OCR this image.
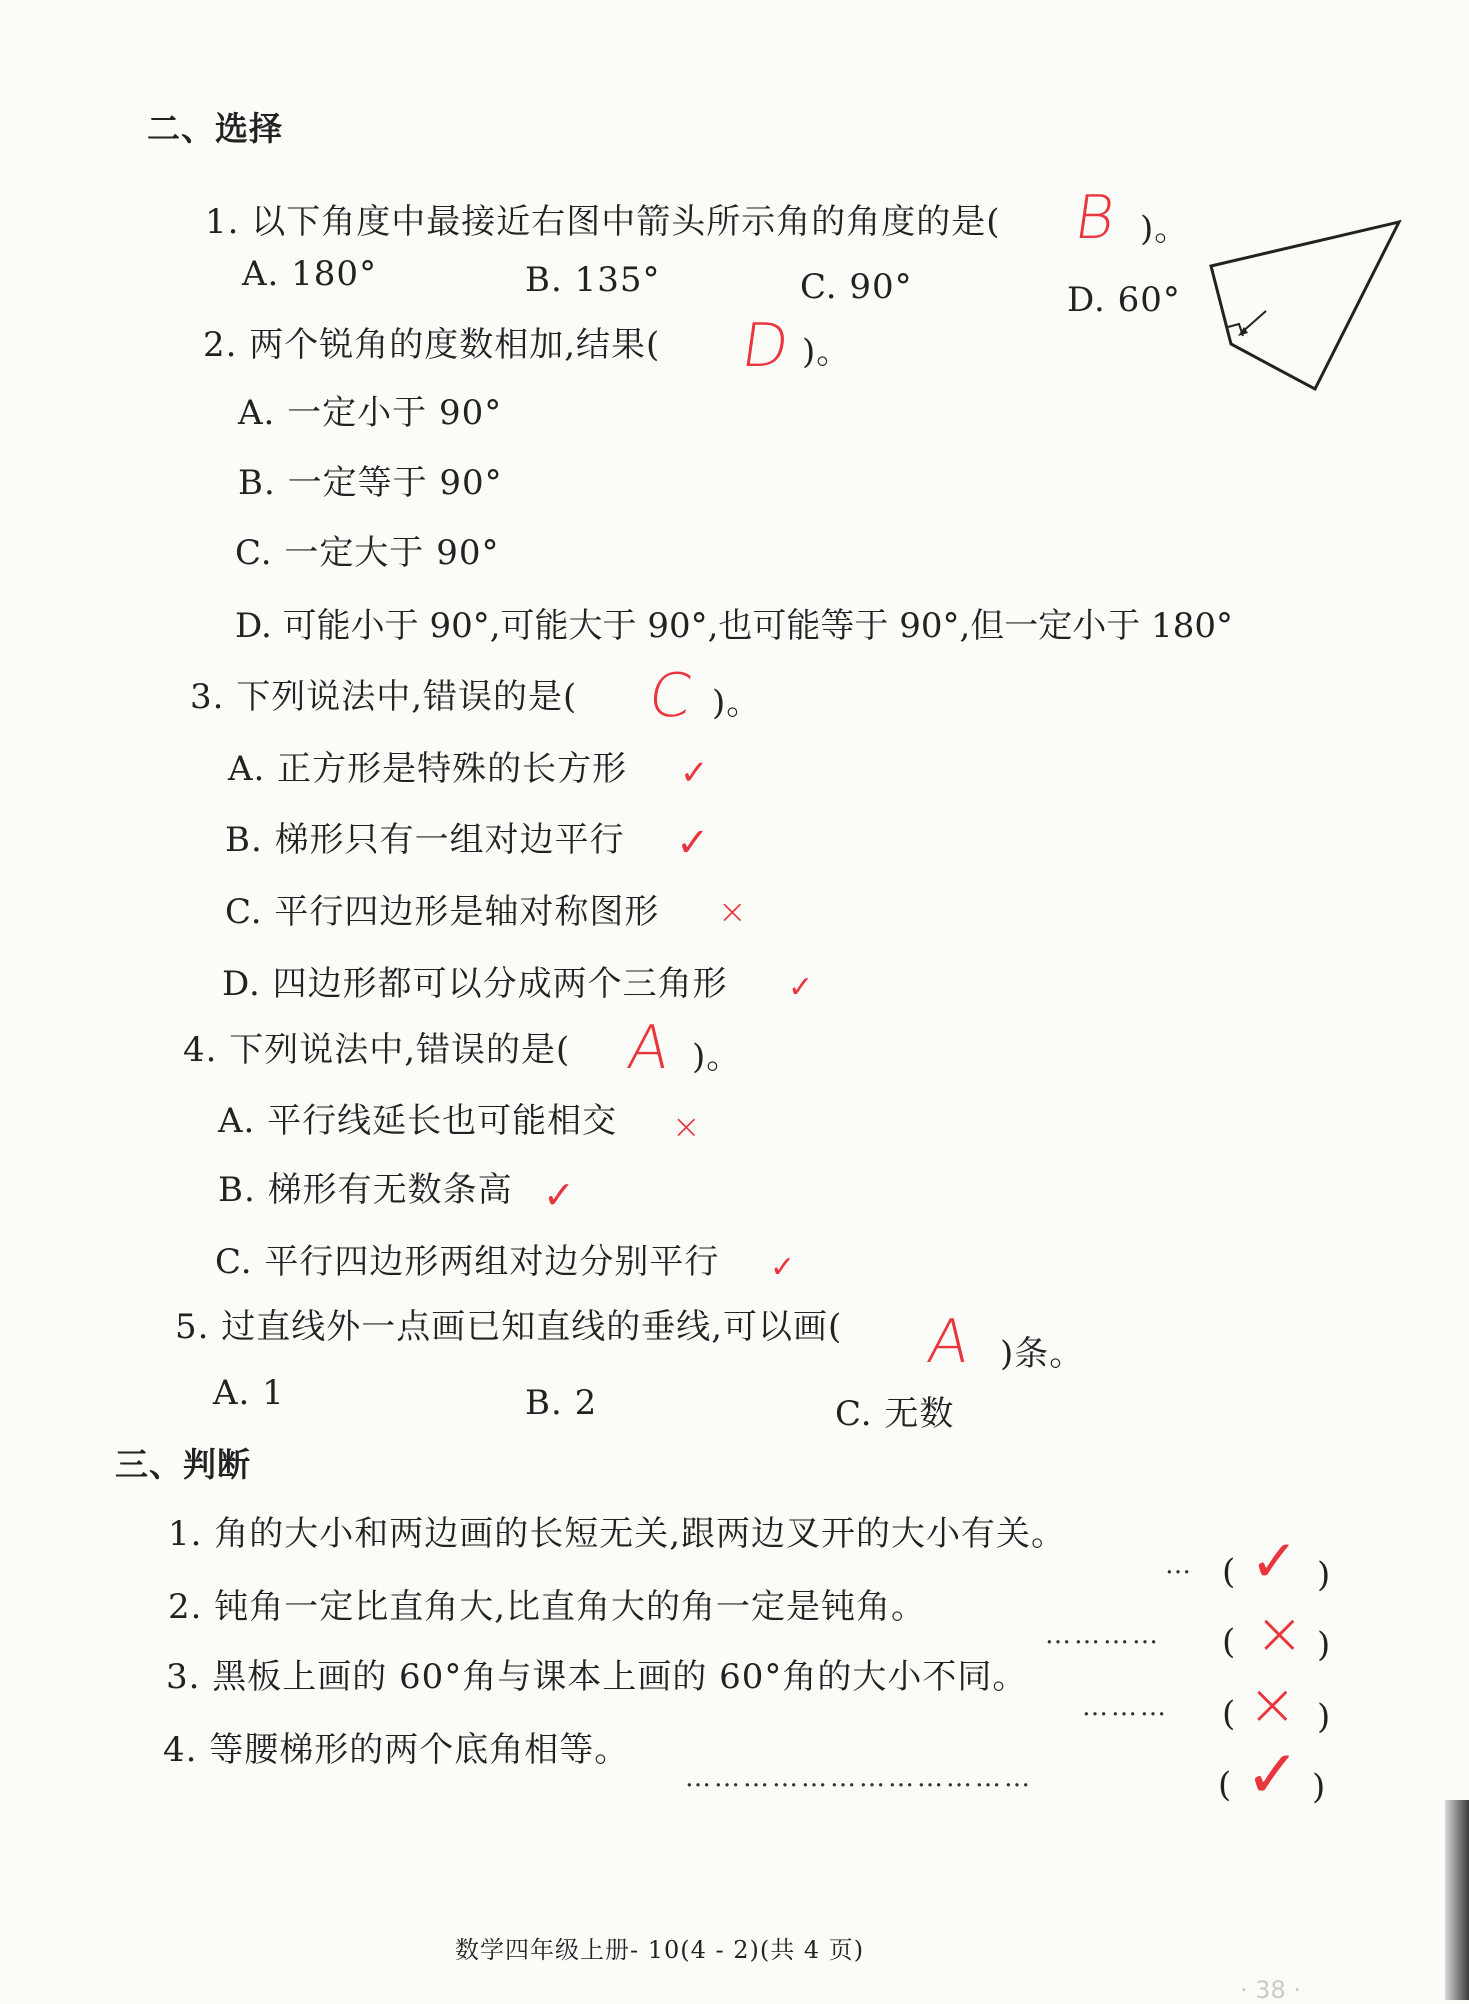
二、选择
1. 以下角度中最接近右图中箭头所示角的角度的是( B )。
A. 180°	B. 135°	C. 90°	D. 60°
2. 两个锐角的度数相加,结果( D )。
A. 一定小于 90°
B. 一定等于 90°
C. 一定大于 90°
D. 可能小于 90°,可能大于 90°,也可能等于 90°,但一定小于 180°
3. 下列说法中,错误的是( C )。
A. 正方形是特殊的长方形 ✓
B. 梯形只有一组对边平行 ✓
C. 平行四边形是轴对称图形 ×
D. 四边形都可以分成两个三角形 ✓
4. 下列说法中,错误的是( A )。
A. 平行线延长也可能相交 ×
B. 梯形有无数条高 ✓
C. 平行四边形两组对边分别平行 ✓
5. 过直线外一点画已知直线的垂线,可以画( A )条。
A. 1	B. 2	C. 无数
三、判断
1. 角的大小和两边画的长短无关,跟两边叉开的大小有关。
… ( ✓ )
2. 钝角一定比直角大,比直角大的角一定是钝角。
………… ( × )
3. 黑板上画的 60°角与课本上画的 60°角的大小不同。
……… ( × )
4. 等腰梯形的两个底角相等。
………………………………	( ✓ )
数学四年级上册- 10(4 - 2)(共 4 页)
· 38 ·
